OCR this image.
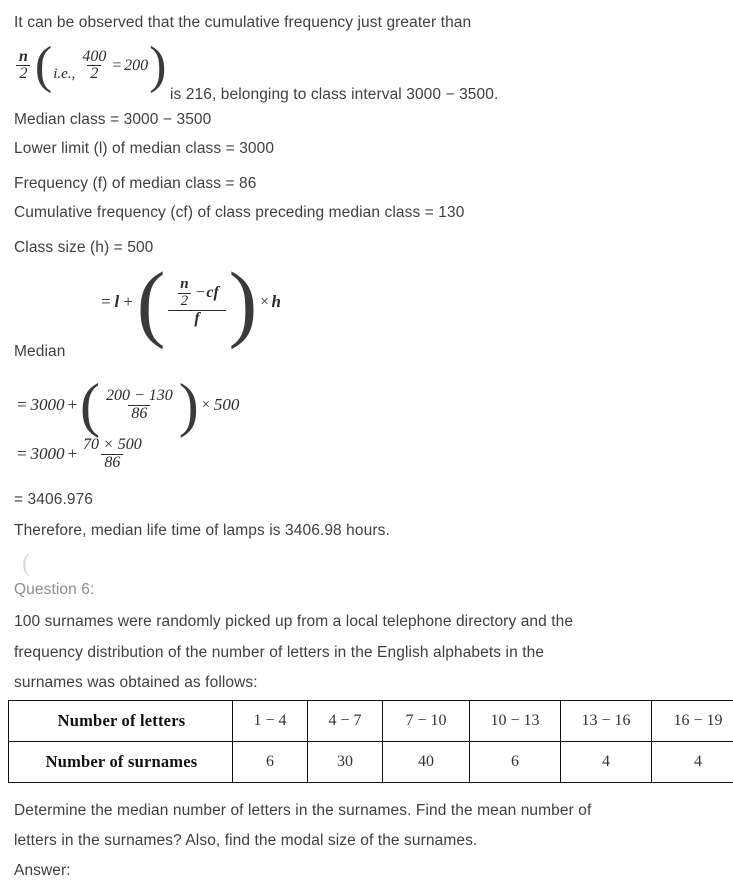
It can be observed that the cumulative frequency just greater than
$\frac{n}{2}$ ( i.e., $\frac{400}{2} = 200$ )
is 216, belonging to class interval 3000 − 3500.
Median class = 3000 − 3500
Lower limit (l) of median class = 3000
Frequency (f) of median class = 86
Cumulative frequency (cf) of class preceding median class = 130
Class size (h) = 500
Median
= l + ( $\frac{\frac{n}{2} - cf}{f}$ ) × h
= 3000 + ( $\frac{200 - 130}{86}$ ) × 500
= $3000 + \frac{70 \times 500}{86}$
= 3406.976
Therefore, median life time of lamps is 3406.98 hours.
(
Question 6:
100 surnames were randomly picked up from a local telephone directory and the
frequency distribution of the number of letters in the English alphabets in the
surnames was obtained as follows:
Number of letters	1 − 4	4 − 7	7 − 10	10 − 13	13 − 16	16 − 19
Number of surnames	6	30	40	6	4	4
Determine the median number of letters in the surnames. Find the mean number of
letters in the surnames? Also, find the modal size of the surnames.
Answer:
